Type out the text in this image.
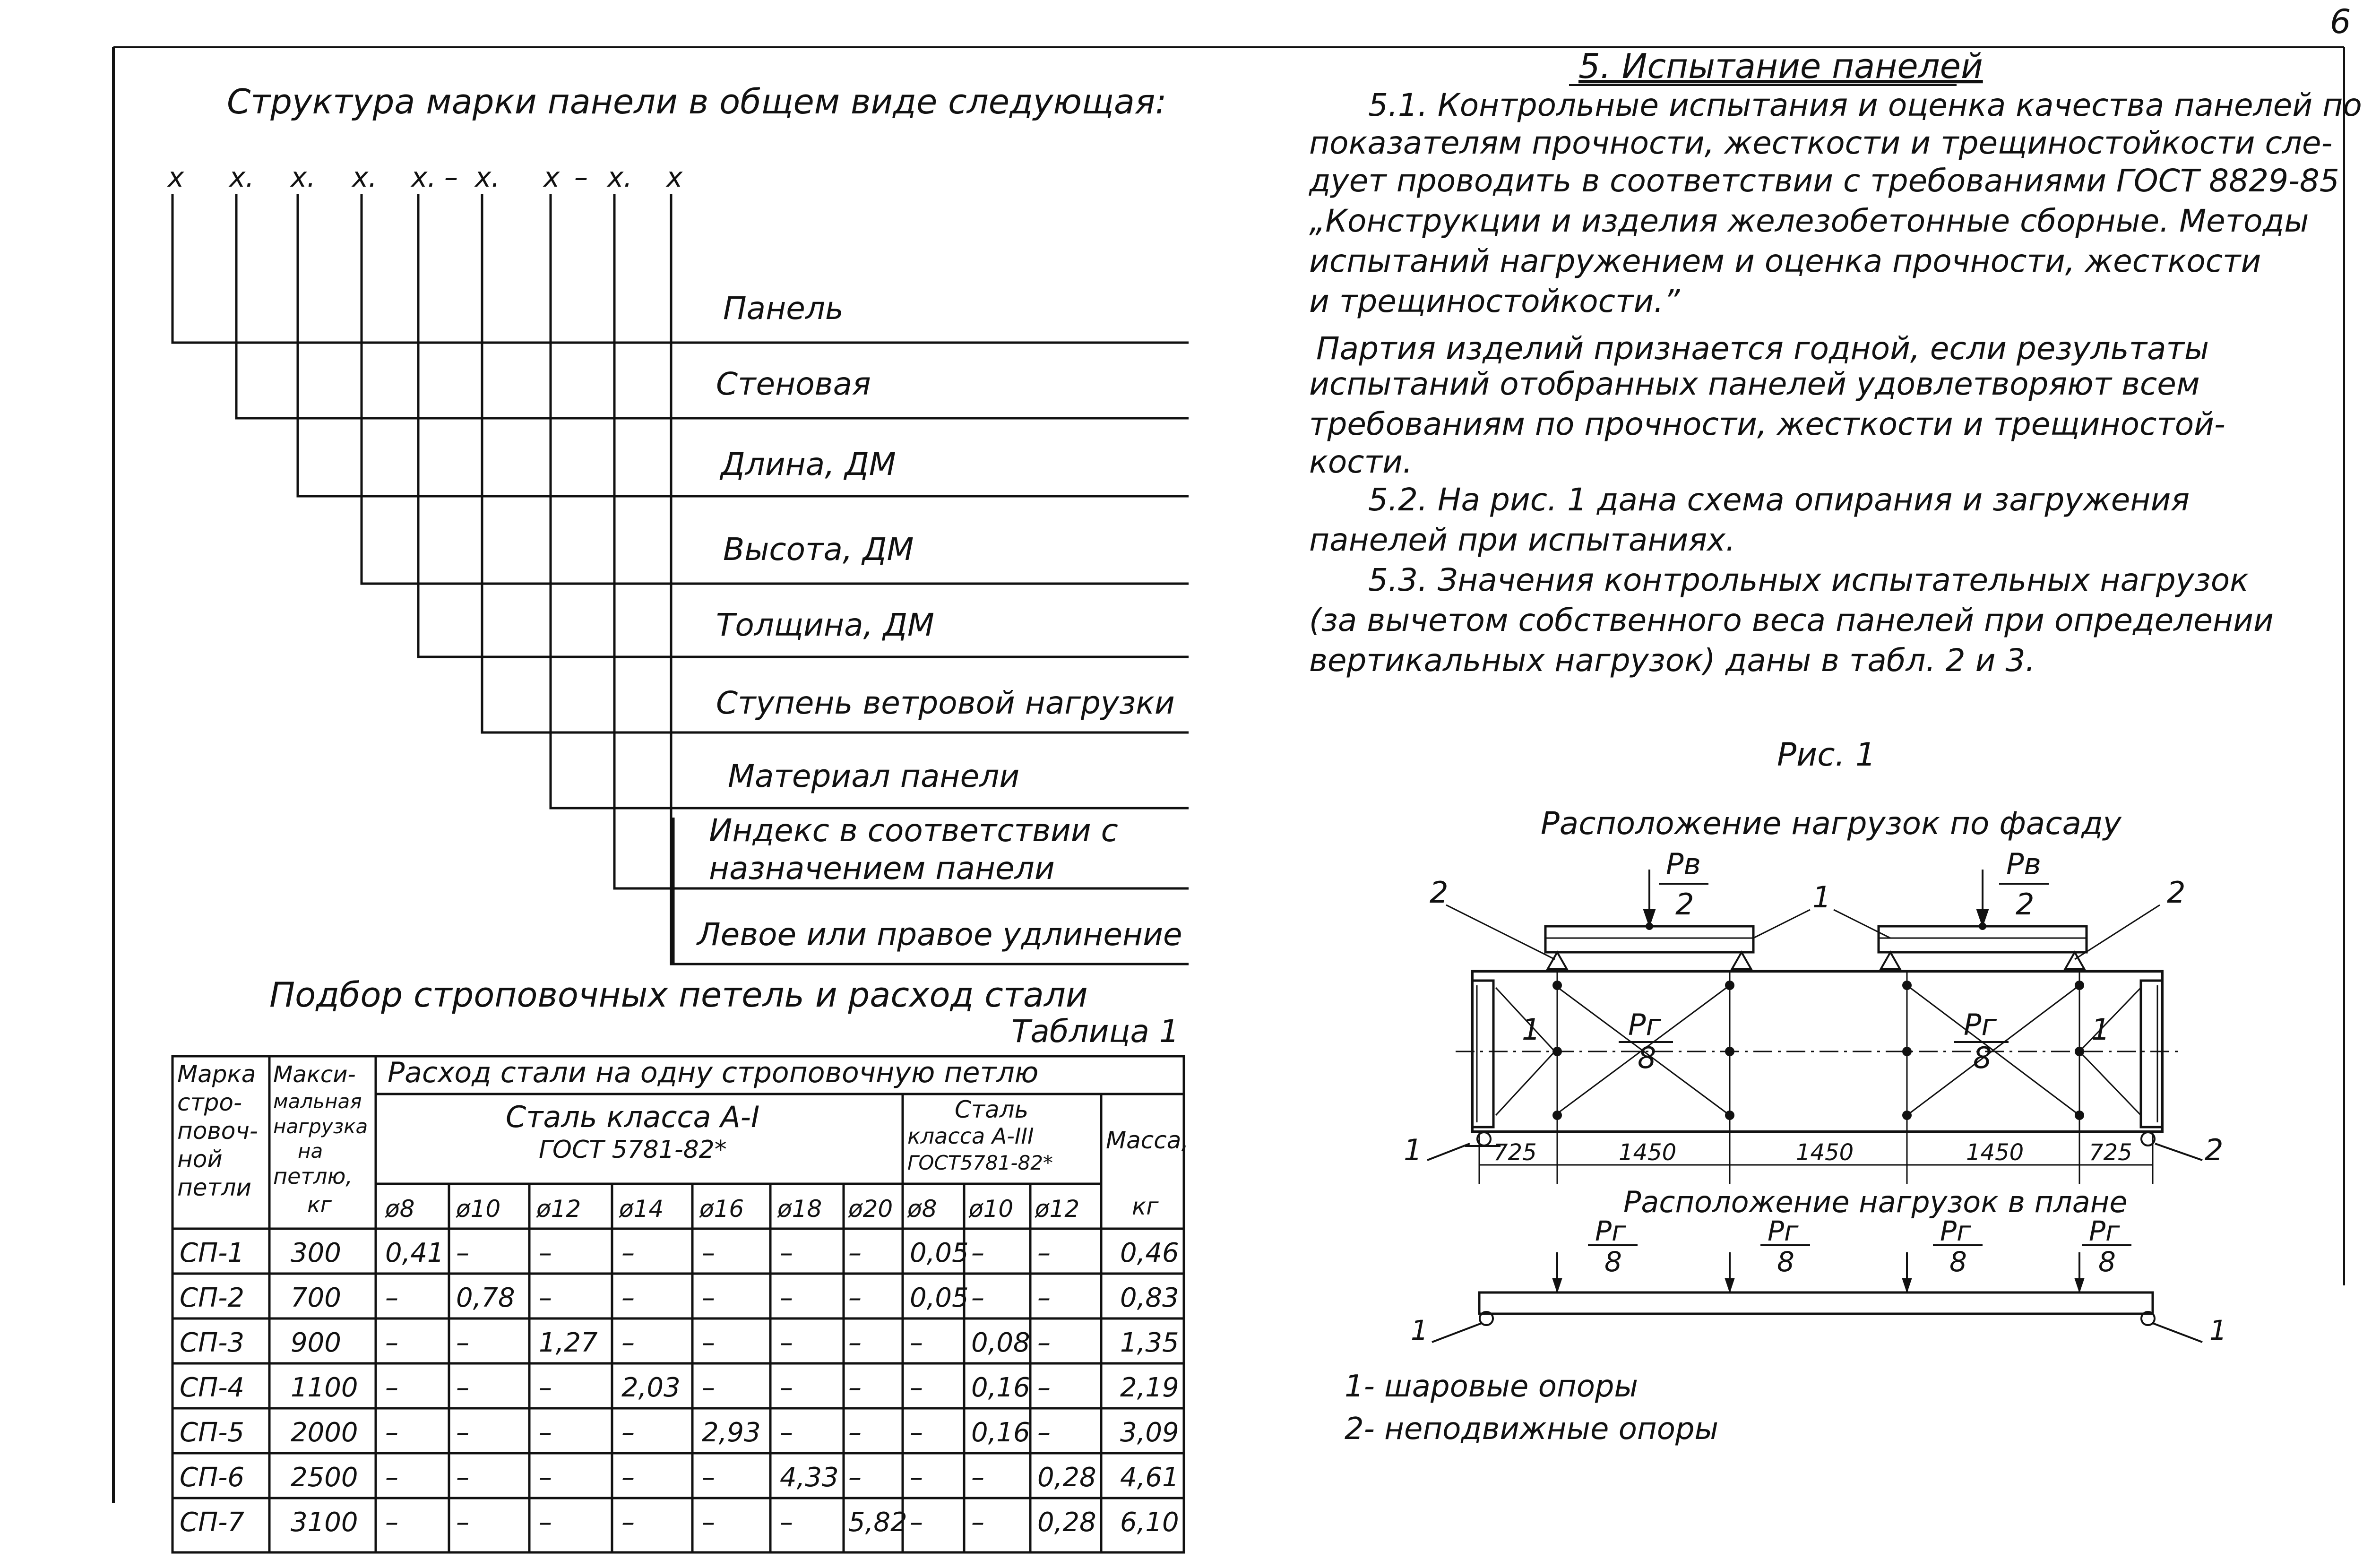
6
Структура марки панели в общем виде следующая:
х х. х. х. х. – х. х – х. х
Панель
Стеновая
Длина, ДМ
Высота, ДМ
Толщина, ДМ
Ступень ветровой нагрузки
Материал панели
Индекс в соответствии с
назначением панели
Левое или правое удлинение
Подбор строповочных петель и расход стали
Таблица 1
Марка
стро-
повоч-
ной
петли
Макси-
мальная
нагрузка
на
петлю,
кг
Расход стали на одну строповочную петлю
Сталь класса А-I
ГОСТ 5781-82*
Сталь
класса А-III
ГОСТ5781-82*
Масса,
кг
ø8 ø10 ø12 ø14 ø16 ø18 ø20 ø8 ø10 ø12
СП-1 300 0,41 –	–	–	– – – 0,05 – –	0,46
СП-2 700 – 0,78 –	–	– – – 0,05 – –	0,83
СП-3 900 – –	1,27 –	– – – – 0,08 –	1,35
СП-4 1100 – –	–	2,03 – – – – 0,16 –	2,19
СП-5 2000 – –	–	–	2,93 – – – 0,16 –	3,09
СП-6 2500 – –	–	–	– 4,33 – – – 0,28 4,61
СП-7 3100 – –	–	–	– – 5,82 – – 0,28 6,10
5. Испытание панелей
5.1. Контрольные испытания и оценка качества панелей по
показателям прочности, жесткости и трещиностойкости сле-
дует проводить в соответствии с требованиями ГОСТ 8829-85
„Конструкции и изделия железобетонные сборные. Методы
испытаний нагружением и оценка прочности, жесткости
и трещиностойкости.”
Партия изделий признается годной, если результаты
испытаний отобранных панелей удовлетворяют всем
требованиям по прочности, жесткости и трещиностой-
кости.
5.2. На рис. 1 дана схема опирания и загружения
панелей при испытаниях.
5.3. Значения контрольных испытательных нагрузок
(за вычетом собственного веса панелей при определении
вертикальных нагрузок) даны в табл. 2 и 3.
Рис. 1
Расположение нагрузок по фасаду
Рв
2
Рв
2
2	1	2
1	1
Рг
8
Рг
8
1	2
725	1450	1450	1450	725
Расположение нагрузок в плане
Рг
8
Рг
8
Рг
8
Рг
8
1	1
1- шаровые опоры
2- неподвижные опоры
